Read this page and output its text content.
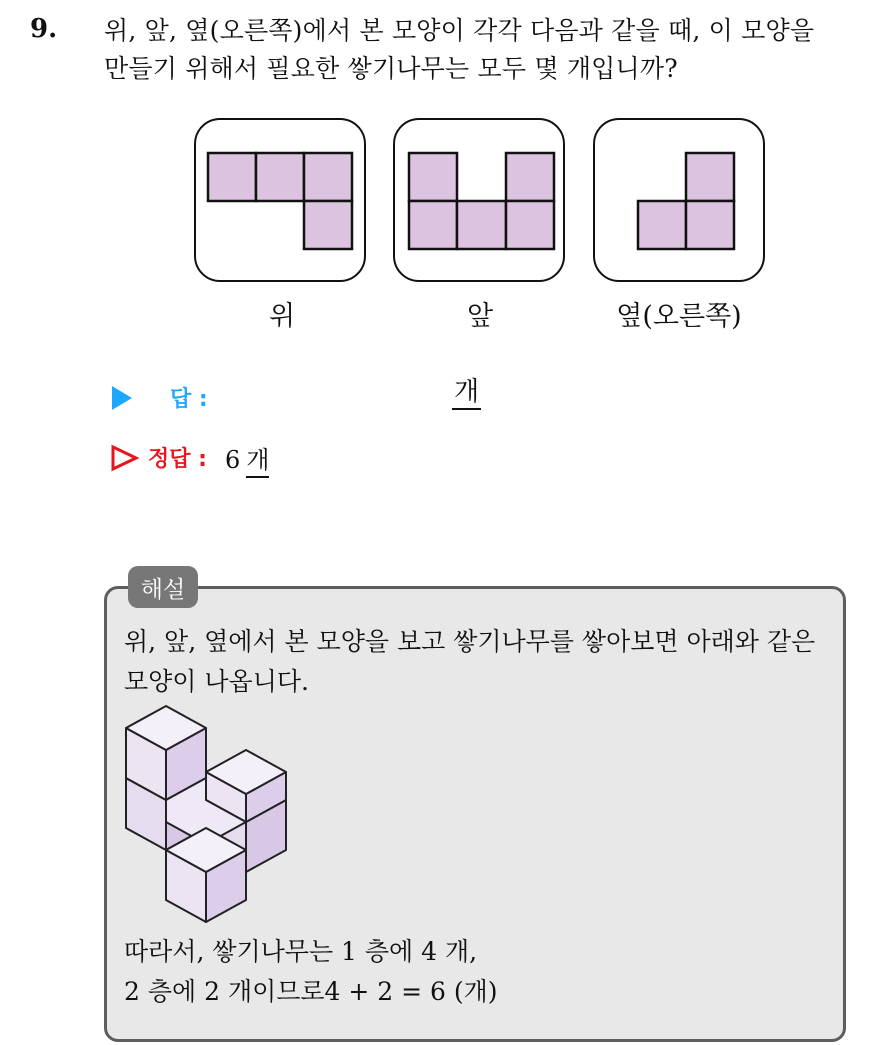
9. 위, 앞, 옆(오른쪽)에서 본 모양이 각각 다음과 같을 때, 이 모양을
만들기 위해서 필요한 쌓기나무는 모두 몇 개입니까?
위	앞	옆(오른쪽)
답 :	개
정답 : 6 개
해설
위, 앞, 옆에서 본 모양을 보고 쌓기나무를 쌓아보면 아래와 같은
모양이 나옵니다.
따라서, 쌓기나무는 1 층에 4 개,
2 층에 2 개이므로4 + 2 = 6 (개)
